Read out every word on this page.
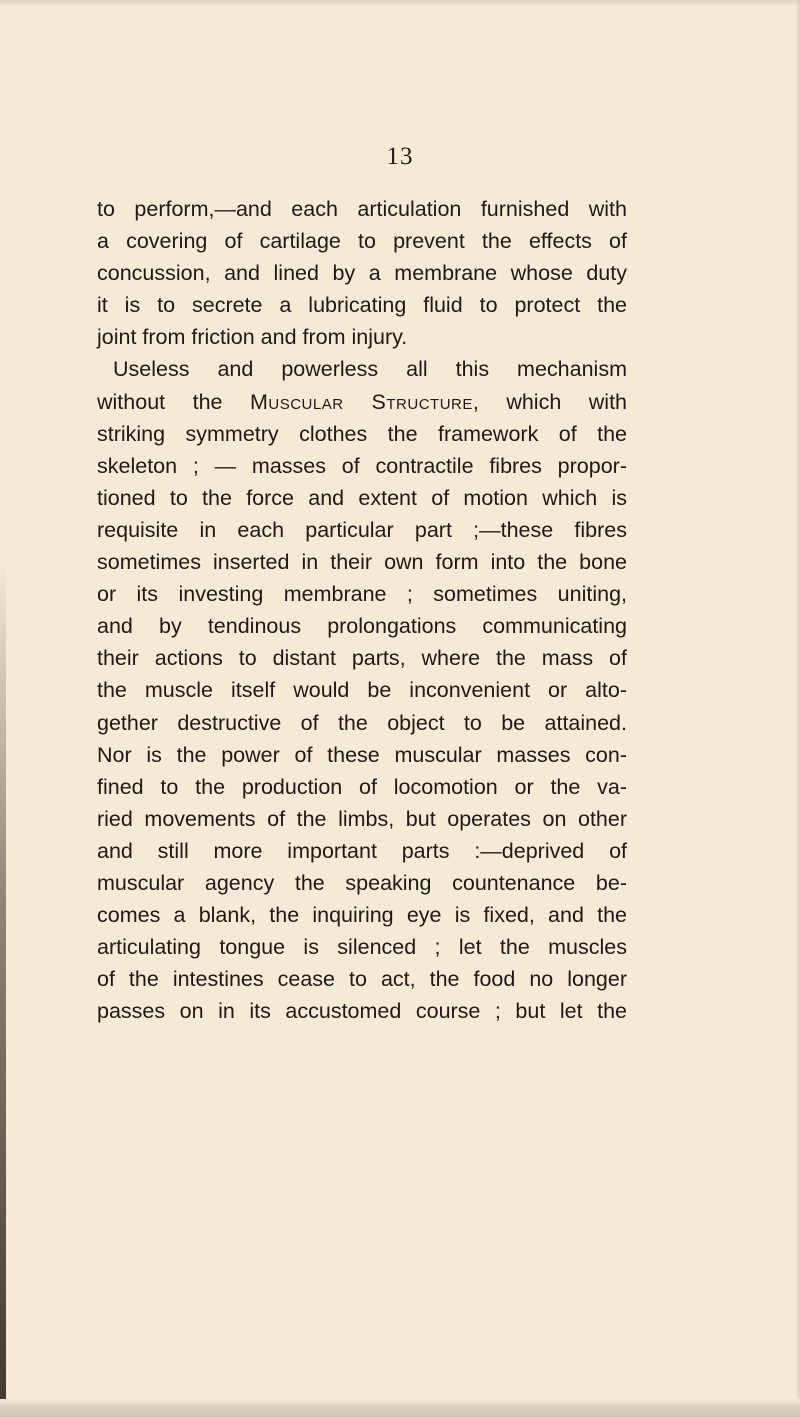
13
to perform,—and each articulation furnished with
a covering of cartilage to prevent the effects of
concussion, and lined by a membrane whose duty
it is to secrete a lubricating fluid to protect the
joint from friction and from injury.
Useless and powerless all this mechanism
without the Muscular Structure, which with
striking symmetry clothes the framework of the
skeleton ; — masses of contractile fibres propor-
tioned to the force and extent of motion which is
requisite in each particular part ;—these fibres
sometimes inserted in their own form into the bone
or its investing membrane ; sometimes uniting,
and by tendinous prolongations communicating
their actions to distant parts, where the mass of
the muscle itself would be inconvenient or alto-
gether destructive of the object to be attained.
Nor is the power of these muscular masses con-
fined to the production of locomotion or the va-
ried movements of the limbs, but operates on other
and still more important parts :—deprived of
muscular agency the speaking countenance be-
comes a blank, the inquiring eye is fixed, and the
articulating tongue is silenced ; let the muscles
of the intestines cease to act, the food no longer
passes on in its accustomed course ; but let the
